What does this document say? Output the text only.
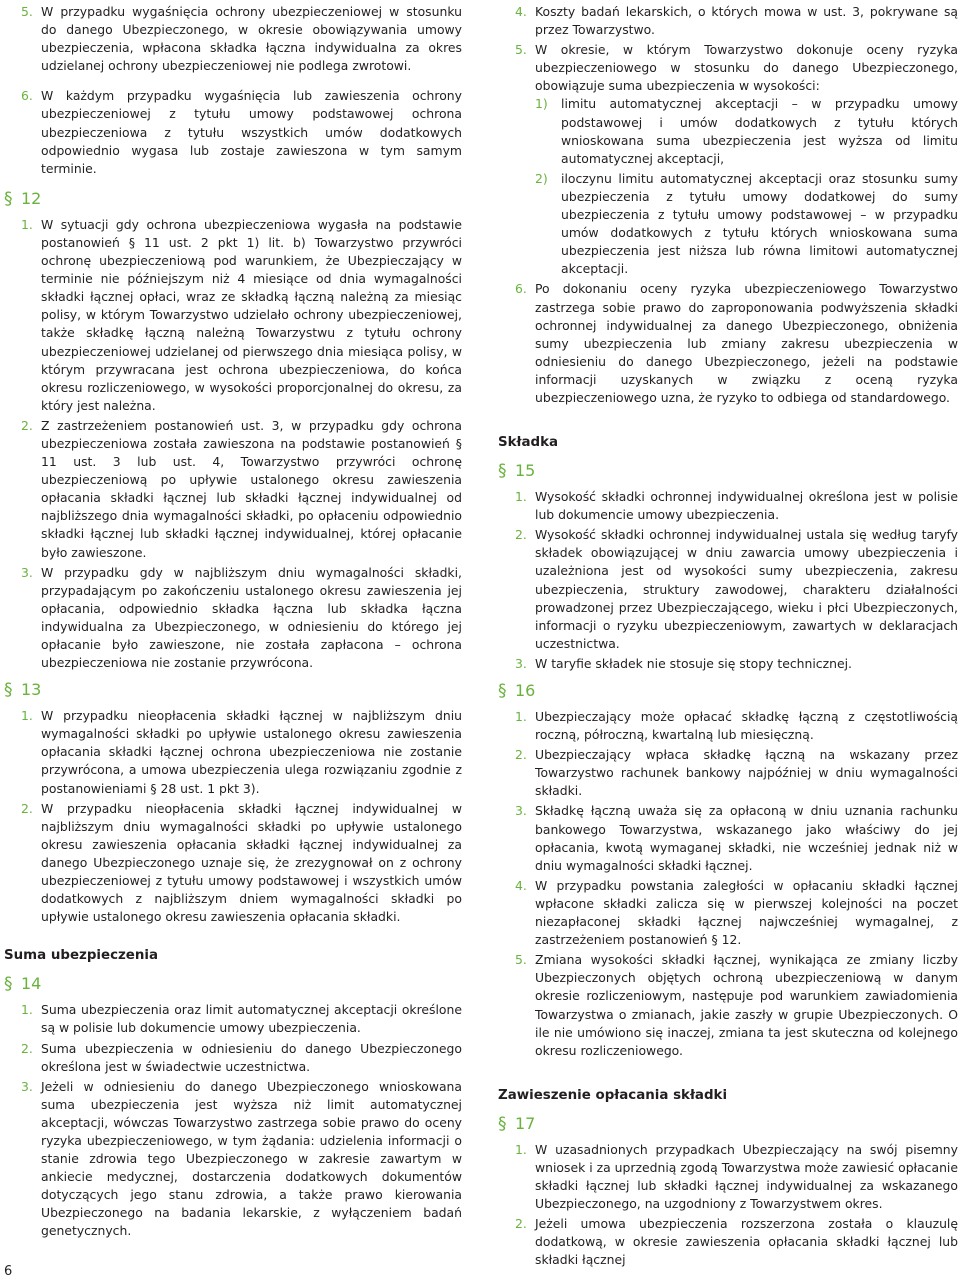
5. W przypadku wygaśnięcia ochrony ubezpieczeniowej w stosunku do danego Ubezpieczonego, w okresie obowiązywania umowy ubezpieczenia, wpłacona składka łączna indywidualna za okres udzielanej ochrony ubezpieczeniowej nie podlega zwrotowi.
6. W każdym przypadku wygaśnięcia lub zawieszenia ochrony ubezpieczeniowej z tytułu umowy podstawowej ochrona ubezpieczeniowa z tytułu wszystkich umów dodatkowych odpowiednio wygasa lub zostaje zawieszona w tym samym terminie.
§ 12
1. W sytuacji gdy ochrona ubezpieczeniowa wygasła na podstawie postanowień § 11 ust. 2 pkt 1) lit. b) Towarzystwo przywróci ochronę ubezpieczeniową pod warunkiem, że Ubezpieczający w terminie nie późniejszym niż 4 miesiące od dnia wymagalności składki łącznej opłaci, wraz ze składką łączną należną za miesiąc polisy, w którym Towarzystwo udzielało ochrony ubezpieczeniowej, także składkę łączną należną Towarzystwu z tytułu ochrony ubezpieczeniowej udzielanej od pierwszego dnia miesiąca polisy, w którym przywracana jest ochrona ubezpieczeniowa, do końca okresu rozliczeniowego, w wysokości proporcjonalnej do okresu, za który jest należna.
2. Z zastrzeżeniem postanowień ust. 3, w przypadku gdy ochrona ubezpieczeniowa została zawieszona na podstawie postanowień § 11 ust. 3 lub ust. 4, Towarzystwo przywróci ochronę ubezpieczeniową po upływie ustalonego okresu zawieszenia opłacania składki łącznej lub składki łącznej indywidualnej od najbliższego dnia wymagalności składki, po opłaceniu odpowiednio składki łącznej lub składki łącznej indywidualnej, której opłacanie było zawieszone.
3. W przypadku gdy w najbliższym dniu wymagalności składki, przypadającym po zakończeniu ustalonego okresu zawieszenia jej opłacania, odpowiednio składka łączna lub składka łączna indywidualna za Ubezpieczonego, w odniesieniu do którego jej opłacanie było zawieszone, nie została zapłacona – ochrona ubezpieczeniowa nie zostanie przywrócona.
§ 13
1. W przypadku nieopłacenia składki łącznej w najbliższym dniu wymagalności składki po upływie ustalonego okresu zawieszenia opłacania składki łącznej ochrona ubezpieczeniowa nie zostanie przywrócona, a umowa ubezpieczenia ulega rozwiązaniu zgodnie z postanowieniami § 28 ust. 1 pkt 3).
2. W przypadku nieopłacenia składki łącznej indywidualnej w najbliższym dniu wymagalności składki po upływie ustalonego okresu zawieszenia opłacania składki łącznej indywidualnej za danego Ubezpieczonego uznaje się, że zrezygnował on z ochrony ubezpieczeniowej z tytułu umowy podstawowej i wszystkich umów dodatkowych z najbliższym dniem wymagalności składki po upływie ustalonego okresu zawieszenia opłacania składki.
Suma ubezpieczenia
§ 14
1. Suma ubezpieczenia oraz limit automatycznej akceptacji określone są w polisie lub dokumencie umowy ubezpieczenia.
2. Suma ubezpieczenia w odniesieniu do danego Ubezpieczonego określona jest w świadectwie uczestnictwa.
3. Jeżeli w odniesieniu do danego Ubezpieczonego wnioskowana suma ubezpieczenia jest wyższa niż limit automatycznej akceptacji, wówczas Towarzystwo zastrzega sobie prawo do oceny ryzyka ubezpieczeniowego, w tym żądania: udzielenia informacji o stanie zdrowia tego Ubezpieczonego w zakresie zawartym w ankiecie medycznej, dostarczenia dodatkowych dokumentów dotyczących jego stanu zdrowia, a także prawo kierowania Ubezpieczonego na badania lekarskie, z wyłączeniem badań genetycznych.
4. Koszty badań lekarskich, o których mowa w ust. 3, pokrywane są przez Towarzystwo.
5. W okresie, w którym Towarzystwo dokonuje oceny ryzyka ubezpieczeniowego w stosunku do danego Ubezpieczonego, obowiązuje suma ubezpieczenia w wysokości:
1) limitu automatycznej akceptacji – w przypadku umowy podstawowej i umów dodatkowych z tytułu których wnioskowana suma ubezpieczenia jest wyższa od limitu automatycznej akceptacji,
2) iloczynu limitu automatycznej akceptacji oraz stosunku sumy ubezpieczenia z tytułu umowy dodatkowej do sumy ubezpieczenia z tytułu umowy podstawowej – w przypadku umów dodatkowych z tytułu których wnioskowana suma ubezpieczenia jest niższa lub równa limitowi automatycznej akceptacji.
6. Po dokonaniu oceny ryzyka ubezpieczeniowego Towarzystwo zastrzega sobie prawo do zaproponowania podwyższenia składki ochronnej indywidualnej za danego Ubezpieczonego, obniżenia sumy ubezpieczenia lub zmiany zakresu ubezpieczenia w odniesieniu do danego Ubezpieczonego, jeżeli na podstawie informacji uzyskanych w związku z oceną ryzyka ubezpieczeniowego uzna, że ryzyko to odbiega od standardowego.
Składka
§ 15
1. Wysokość składki ochronnej indywidualnej określona jest w polisie lub dokumencie umowy ubezpieczenia.
2. Wysokość składki ochronnej indywidualnej ustala się według taryfy składek obowiązującej w dniu zawarcia umowy ubezpieczenia i uzależniona jest od wysokości sumy ubezpieczenia, zakresu ubezpieczenia, struktury zawodowej, charakteru działalności prowadzonej przez Ubezpieczającego, wieku i płci Ubezpieczonych, informacji o ryzyku ubezpieczeniowym, zawartych w deklaracjach uczestnictwa.
3. W taryfie składek nie stosuje się stopy technicznej.
§ 16
1. Ubezpieczający może opłacać składkę łączną z częstotliwością roczną, półroczną, kwartalną lub miesięczną.
2. Ubezpieczający wpłaca składkę łączną na wskazany przez Towarzystwo rachunek bankowy najpóźniej w dniu wymagalności składki.
3. Składkę łączną uważa się za opłaconą w dniu uznania rachunku bankowego Towarzystwa, wskazanego jako właściwy do jej opłacania, kwotą wymaganej składki, nie wcześniej jednak niż w dniu wymagalności składki łącznej.
4. W przypadku powstania zaległości w opłacaniu składki łącznej wpłacone składki zalicza się w pierwszej kolejności na poczet niezapłaconej składki łącznej najwcześniej wymagalnej, z zastrzeżeniem postanowień § 12.
5. Zmiana wysokości składki łącznej, wynikająca ze zmiany liczby Ubezpieczonych objętych ochroną ubezpieczeniową w danym okresie rozliczeniowym, następuje pod warunkiem zawiadomienia Towarzystwa o zmianach, jakie zaszły w grupie Ubezpieczonych. O ile nie umówiono się inaczej, zmiana ta jest skuteczna od kolejnego okresu rozliczeniowego.
Zawieszenie opłacania składki
§ 17
1. W uzasadnionych przypadkach Ubezpieczający na swój pisemny wniosek i za uprzednią zgodą Towarzystwa może zawiesić opłacanie składki łącznej lub składki łącznej indywidualnej za wskazanego Ubezpieczonego, na uzgodniony z Towarzystwem okres.
2. Jeżeli umowa ubezpieczenia rozszerzona została o klauzulę dodatkową, w okresie zawieszenia opłacania składki łącznej lub składki łącznej
6
